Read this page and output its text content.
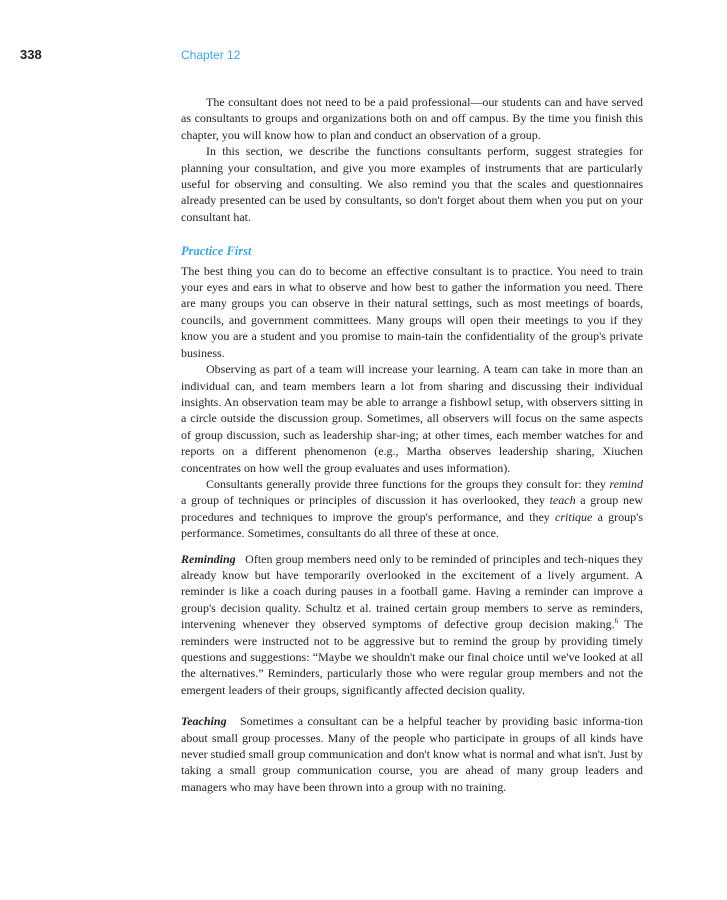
338	Chapter 12

The consultant does not need to be a paid professional—our students can and have served as consultants to groups and organizations both on and off campus. By the time you finish this chapter, you will know how to plan and conduct an observation of a group.

In this section, we describe the functions consultants perform, suggest strategies for planning your consultation, and give you more examples of instruments that are particularly useful for observing and consulting. We also remind you that the scales and questionnaires already presented can be used by consultants, so don't forget about them when you put on your consultant hat.

Practice First

The best thing you can do to become an effective consultant is to practice. You need to train your eyes and ears in what to observe and how best to gather the information you need. There are many groups you can observe in their natural settings, such as most meetings of boards, councils, and government committees. Many groups will open their meetings to you if they know you are a student and you promise to main-tain the confidentiality of the group's private business.

Observing as part of a team will increase your learning. A team can take in more than an individual can, and team members learn a lot from sharing and discussing their individual insights. An observation team may be able to arrange a fishbowl setup, with observers sitting in a circle outside the discussion group. Sometimes, all observers will focus on the same aspects of group discussion, such as leadership shar-ing; at other times, each member watches for and reports on a different phenomenon (e.g., Martha observes leadership sharing, Xiuchen concentrates on how well the group evaluates and uses information).

Consultants generally provide three functions for the groups they consult for: they remind a group of techniques or principles of discussion it has overlooked, they teach a group new procedures and techniques to improve the group's performance, and they critique a group's performance. Sometimes, consultants do all three of these at once.

Reminding Often group members need only to be reminded of principles and tech-niques they already know but have temporarily overlooked in the excitement of a lively argument. A reminder is like a coach during pauses in a football game. Having a reminder can improve a group's decision quality. Schultz et al. trained certain group members to serve as reminders, intervening whenever they observed symptoms of defective group decision making.$^6$ The reminders were instructed not to be aggressive but to remind the group by providing timely questions and suggestions: “Maybe we shouldn't make our final choice until we've looked at all the alternatives.” Reminders, particularly those who were regular group members and not the emergent leaders of their groups, significantly affected decision quality.

Teaching Sometimes a consultant can be a helpful teacher by providing basic informa-tion about small group processes. Many of the people who participate in groups of all kinds have never studied small group communication and don't know what is normal and what isn't. Just by taking a small group communication course, you are ahead of many group leaders and managers who may have been thrown into a group with no training.
